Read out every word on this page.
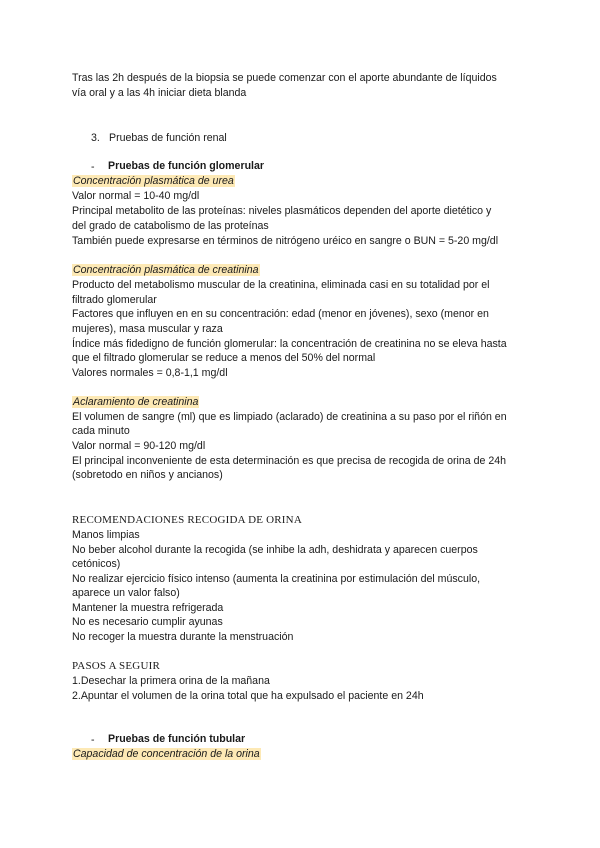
Tras las 2h después de la biopsia se puede comenzar con el aporte abundante de líquidos
vía oral y a las 4h iniciar dieta blanda
3. Pruebas de función renal
- Pruebas de función glomerular
Concentración plasmática de urea
Valor normal = 10-40 mg/dl
Principal metabolito de las proteínas: niveles plasmáticos dependen del aporte dietético y
del grado de catabolismo de las proteínas
También puede expresarse en términos de nitrógeno uréico en sangre o BUN = 5-20 mg/dl
Concentración plasmática de creatinina
Producto del metabolismo muscular de la creatinina, eliminada casi en su totalidad por el
filtrado glomerular
Factores que influyen en en su concentración: edad (menor en jóvenes), sexo (menor en
mujeres), masa muscular y raza
Índice más fidedigno de función glomerular: la concentración de creatinina no se eleva hasta
que el filtrado glomerular se reduce a menos del 50% del normal
Valores normales = 0,8-1,1 mg/dl
Aclaramiento de creatinina
El volumen de sangre (ml) que es limpiado (aclarado) de creatinina a su paso por el riñón en
cada minuto
Valor normal = 90-120 mg/dl
El principal inconveniente de esta determinación es que precisa de recogida de orina de 24h
(sobretodo en niños y ancianos)
RECOMENDACIONES RECOGIDA DE ORINA
Manos limpias
No beber alcohol durante la recogida (se inhibe la adh, deshidrata y aparecen cuerpos
cetónicos)
No realizar ejercicio físico intenso (aumenta la creatinina por estimulación del músculo,
aparece un valor falso)
Mantener la muestra refrigerada
No es necesario cumplir ayunas
No recoger la muestra durante la menstruación
PASOS A SEGUIR
1.Desechar la primera orina de la mañana
2.Apuntar el volumen de la orina total que ha expulsado el paciente en 24h
- Pruebas de función tubular
Capacidad de concentración de la orina
